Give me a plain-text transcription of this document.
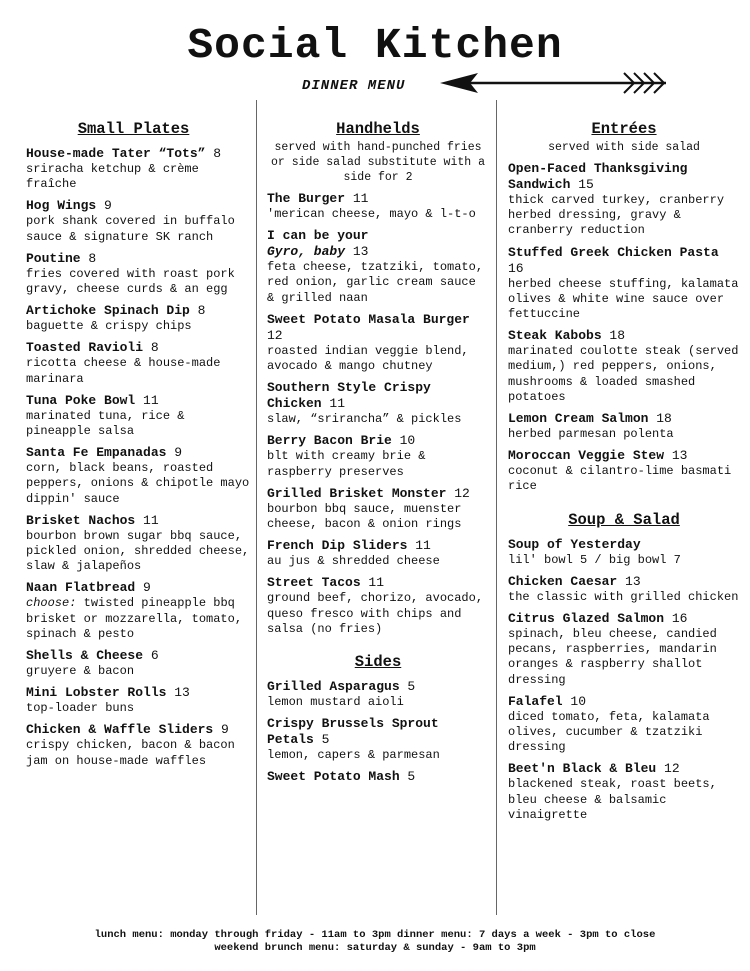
Social Kitchen
DINNER MENU
Small Plates
House-made Tater “Tots” 8
sriracha ketchup & crème fraîche
Hog Wings 9
pork shank covered in buffalo sauce & signature SK ranch
Poutine 8
fries covered with roast pork gravy, cheese curds & an egg
Artichoke Spinach Dip 8
baguette & crispy chips
Toasted Ravioli 8
ricotta cheese & house-made marinara
Tuna Poke Bowl 11
marinated tuna, rice & pineapple salsa
Santa Fe Empanadas 9
corn, black beans, roasted peppers, onions & chipotle mayo dippin' sauce
Brisket Nachos 11
bourbon brown sugar bbq sauce, pickled onion, shredded cheese, slaw & jalapeños
Naan Flatbread 9
choose: twisted pineapple bbq brisket or mozzarella, tomato, spinach & pesto
Shells & Cheese 6
gruyere & bacon
Mini Lobster Rolls 13
top-loader buns
Chicken & Waffle Sliders 9
crispy chicken, bacon & bacon jam on house-made waffles
Handhelds
served with hand-punched fries or side salad substitute with a side for 2
The Burger 11
'merican cheese, mayo & l-t-o
I can be your
Gyro, baby 13
feta cheese, tzatziki, tomato, red onion, garlic cream sauce & grilled naan
Sweet Potato Masala Burger 12
roasted indian veggie blend, avocado & mango chutney
Southern Style Crispy Chicken 11
slaw, “srirancha” & pickles
Berry Bacon Brie 10
blt with creamy brie & raspberry preserves
Grilled Brisket Monster 12
bourbon bbq sauce, muenster cheese, bacon & onion rings
French Dip Sliders 11
au jus & shredded cheese
Street Tacos 11
ground beef, chorizo, avocado, queso fresco with chips and salsa (no fries)
Sides
Grilled Asparagus 5
lemon mustard aioli
Crispy Brussels Sprout Petals 5
lemon, capers & parmesan
Sweet Potato Mash 5
Entrées
served with side salad
Open-Faced Thanksgiving Sandwich 15
thick carved turkey, cranberry herbed dressing, gravy & cranberry reduction
Stuffed Greek Chicken Pasta 16
herbed cheese stuffing, kalamata olives & white wine sauce over fettuccine
Steak Kabobs 18
marinated coulotte steak (served medium,) red peppers, onions, mushrooms & loaded smashed potatoes
Lemon Cream Salmon 18
herbed parmesan polenta
Moroccan Veggie Stew 13
coconut & cilantro-lime basmati rice
Soup & Salad
Soup of Yesterday
lil' bowl 5 / big bowl 7
Chicken Caesar 13
the classic with grilled chicken
Citrus Glazed Salmon 16
spinach, bleu cheese, candied pecans, raspberries, mandarin oranges & raspberry shallot dressing
Falafel 10
diced tomato, feta, kalamata olives, cucumber & tzatziki dressing
Beet'n Black & Bleu 12
blackened steak, roast beets, bleu cheese & balsamic vinaigrette
lunch menu: monday through friday - 11am to 3pm dinner menu: 7 days a week - 3pm to close
weekend brunch menu: saturday & sunday - 9am to 3pm
